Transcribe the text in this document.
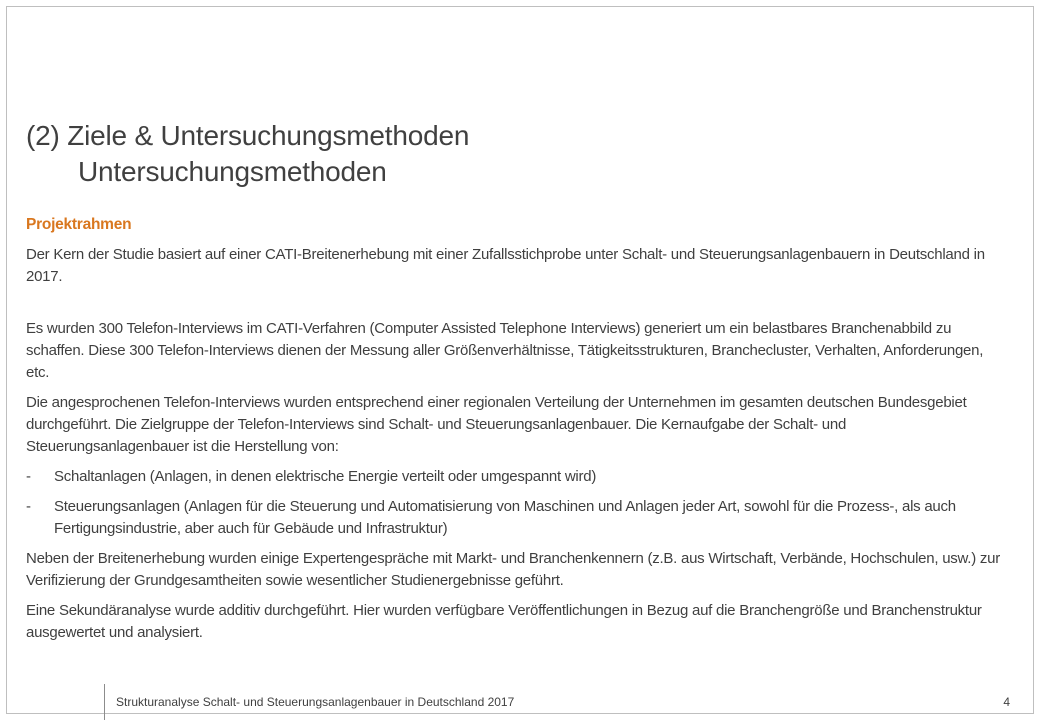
(2) Ziele & Untersuchungsmethoden
Untersuchungsmethoden
Projektrahmen

Der Kern der Studie basiert auf einer CATI-Breitenerhebung mit einer Zufallsstichprobe unter Schalt- und Steuerungsanlagenbauern in Deutschland in 2017.

Es wurden 300 Telefon-Interviews im CATI-Verfahren (Computer Assisted Telephone Interviews) generiert um ein belastbares Branchenabbild zu schaffen. Diese 300 Telefon-Interviews dienen der Messung aller Größenverhältnisse, Tätigkeitsstrukturen, Branchecluster, Verhalten, Anforderungen, etc.

Die angesprochenen Telefon-Interviews wurden entsprechend einer regionalen Verteilung der Unternehmen im gesamten deutschen Bundesgebiet durchgeführt. Die Zielgruppe der Telefon-Interviews sind Schalt- und Steuerungsanlagenbauer. Die Kernaufgabe der Schalt- und Steuerungsanlagenbauer ist die Herstellung von:

- Schaltanlagen (Anlagen, in denen elektrische Energie verteilt oder umgespannt wird)
- Steuerungsanlagen (Anlagen für die Steuerung und Automatisierung von Maschinen und Anlagen jeder Art, sowohl für die Prozess-, als auch Fertigungsindustrie, aber auch für Gebäude und Infrastruktur)

Neben der Breitenerhebung wurden einige Expertengespräche mit Markt- und Branchenkennern (z.B. aus Wirtschaft, Verbände, Hochschulen, usw.) zur Verifizierung der Grundgesamtheiten sowie wesentlicher Studienergebnisse geführt.

Eine Sekundäranalyse wurde additiv durchgeführt. Hier wurden verfügbare Veröffentlichungen in Bezug auf die Branchengröße und Branchenstruktur ausgewertet und analysiert.

Strukturanalyse Schalt- und Steuerungsanlagenbauer in Deutschland 2017	4
